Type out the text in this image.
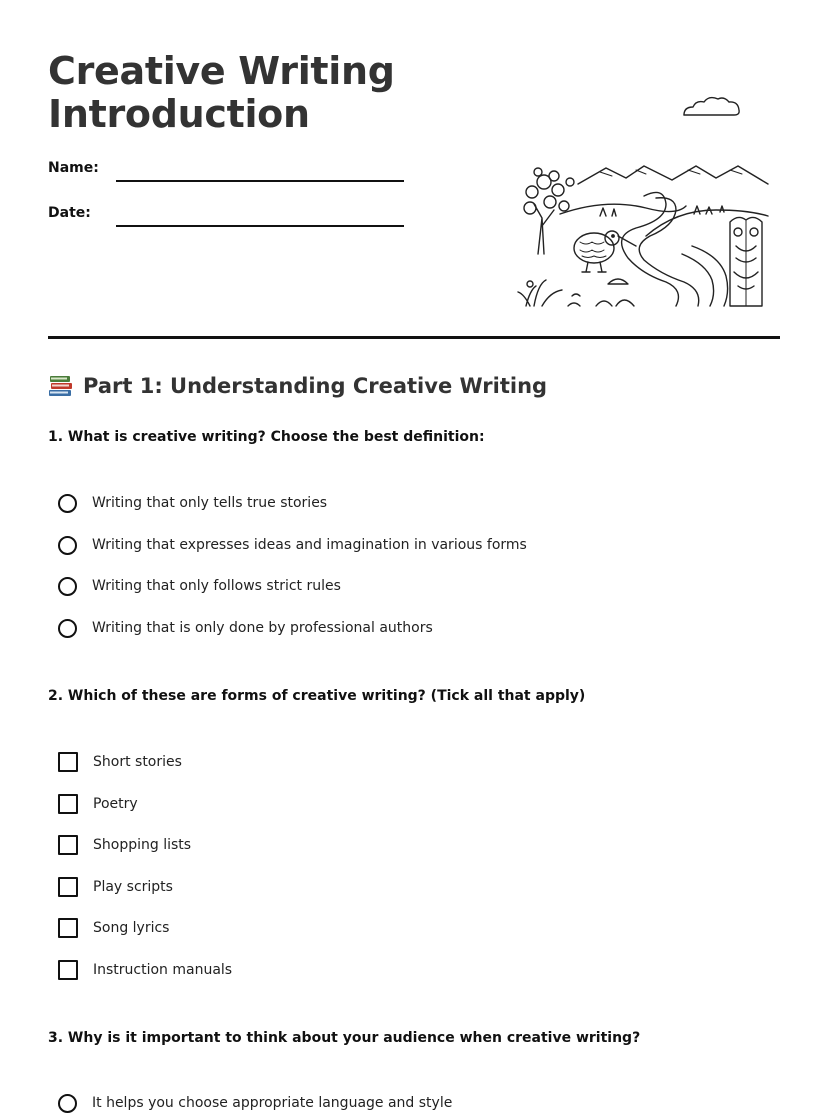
Creative Writing
Introduction
Name:
Date:
Part 1: Understanding Creative Writing

1. What is creative writing? Choose the best definition:

Writing that only tells true stories
Writing that expresses ideas and imagination in various forms
Writing that only follows strict rules
Writing that is only done by professional authors

2. Which of these are forms of creative writing? (Tick all that apply)

Short stories
Poetry
Shopping lists
Play scripts
Song lyrics
Instruction manuals

3. Why is it important to think about your audience when creative writing?

It helps you choose appropriate language and style
